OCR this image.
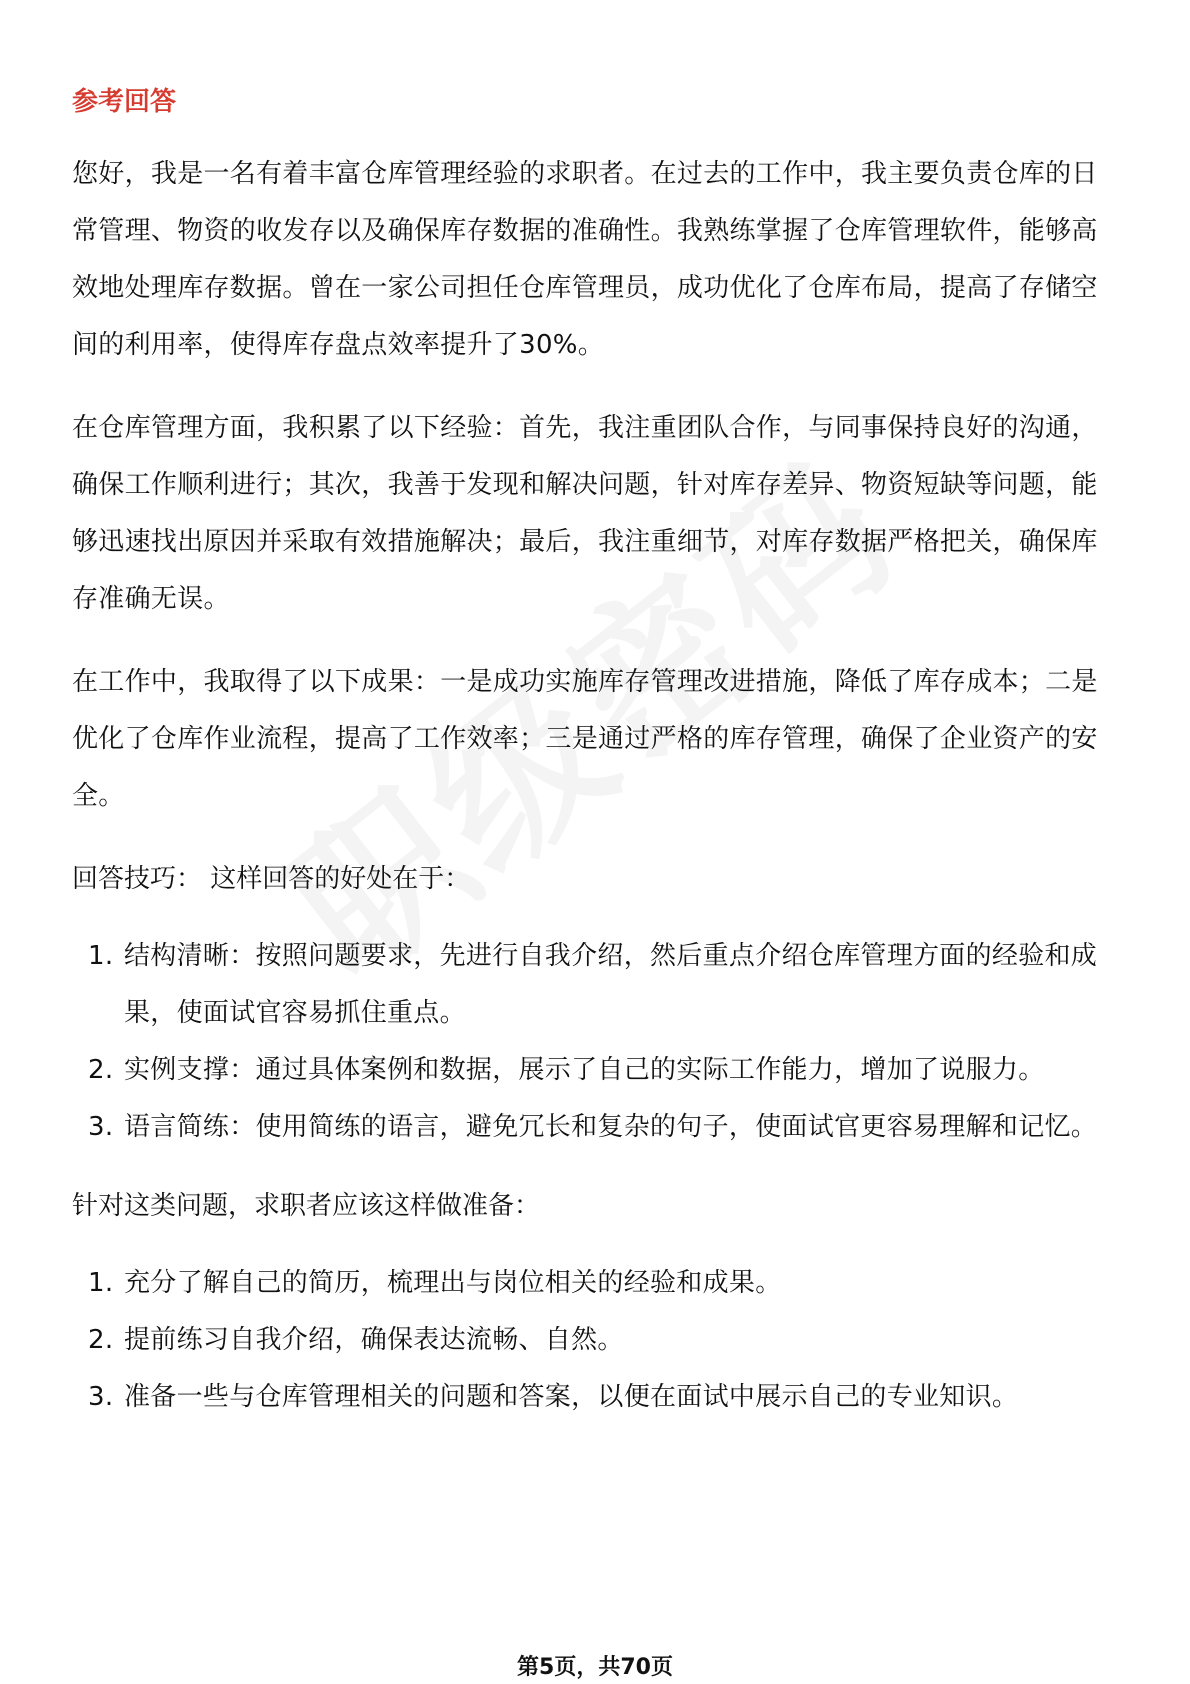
参考回答
您好，我是一名有着丰富仓库管理经验的求职者。在过去的工作中，我主要负责仓库的日常管理、物资的收发存以及确保库存数据的准确性。我熟练掌握了仓库管理软件，能够高效地处理库存数据。曾在一家公司担任仓库管理员，成功优化了仓库布局，提高了存储空间的利用率，使得库存盘点效率提升了30%。
在仓库管理方面，我积累了以下经验：首先，我注重团队合作，与同事保持良好的沟通，确保工作顺利进行；其次，我善于发现和解决问题，针对库存差异、物资短缺等问题，能够迅速找出原因并采取有效措施解决；最后，我注重细节，对库存数据严格把关，确保库存准确无误。
在工作中，我取得了以下成果：一是成功实施库存管理改进措施，降低了库存成本；二是优化了仓库作业流程，提高了工作效率；三是通过严格的库存管理，确保了企业资产的安全。
回答技巧： 这样回答的好处在于：
1. 结构清晰：按照问题要求，先进行自我介绍，然后重点介绍仓库管理方面的经验和成果，使面试官容易抓住重点。
2. 实例支撑：通过具体案例和数据，展示了自己的实际工作能力，增加了说服力。
3. 语言简练：使用简练的语言，避免冗长和复杂的句子，使面试官更容易理解和记忆。
针对这类问题，求职者应该这样做准备：
1. 充分了解自己的简历，梳理出与岗位相关的经验和成果。
2. 提前练习自我介绍，确保表达流畅、自然。
3. 准备一些与仓库管理相关的问题和答案，以便在面试中展示自己的专业知识。
第5页，共70页
